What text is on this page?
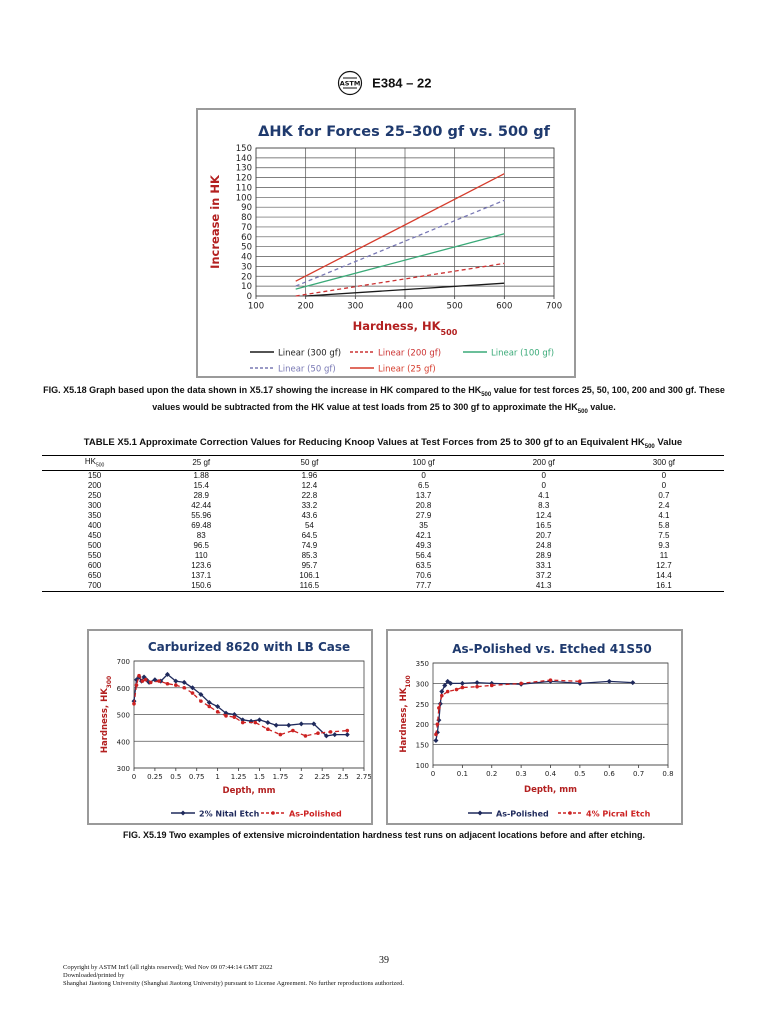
ASTM E384 – 22
ΔHK for Forces 25–300 gf vs. 500 gf
0
10
20
30
40
50
60
70
80
90
100
110
120
130
140
150
100	200	300	400	500	600	700
Hardness, $HK_{500}$
Increase in HK
Linear (300 gf)	Linear (200 gf)	Linear (100 gf)
Linear (50 gf)	Linear (25 gf)
FIG. X5.18 Graph based upon the data shown in X5.17 showing the increase in HK compared to the $HK_{500}$ value for test forces 25, 50, 100, 200 and 300 gf. These values would be subtracted from the HK value at test loads from 25 to 300 gf to approximate the $HK_{500}$ value.
TABLE X5.1 Approximate Correction Values for Reducing Knoop Values at Test Forces from 25 to 300 gf to an Equivalent $HK_{500}$ Value
$HK_{500}$	25 gf	50 gf	100 gf	200 gf	300 gf
150	1.88	1.96	0	0	0
200	15.4	12.4	6.5	0	0
250	28.9	22.8	13.7	4.1	0.7
300	42.44	33.2	20.8	8.3	2.4
350	55.96	43.6	27.9	12.4	4.1
400	69.48	54	35	16.5	5.8
450	83	64.5	42.1	20.7	7.5
500	96.5	74.9	49.3	24.8	9.3
550	110	85.3	56.4	28.9	11
600	123.6	95.7	63.5	33.1	12.7
650	137.1	106.1	70.6	37.2	14.4
700	150.6	116.5	77.7	41.3	16.1
Carburized 8620 with LB Case
300
400
500
600
700
0 0.25 0.5 0.75 1 1.25 1.5 1.75 2 2.25 2.5 2.75
Depth, mm
Hardness, $HK_{300}$
2% Nital Etch	As-Polished
As-Polished vs. Etched 41S50
100
150
200
250
300
350
0	0.1	0.2	0.3	0.4	0.5	0.6	0.7	0.8
Depth, mm
Hardness, $HK_{100}$
As-Polished	4% Picral Etch
FIG. X5.19 Two examples of extensive microindentation hardness test runs on adjacent locations before and after etching.
39
Copyright by ASTM Int'l (all rights reserved); Wed Nov 09 07:44:14 GMT 2022
Downloaded/printed by
Shanghai Jiaotong University (Shanghai Jiaotong University) pursuant to License Agreement. No further reproductions authorized.
